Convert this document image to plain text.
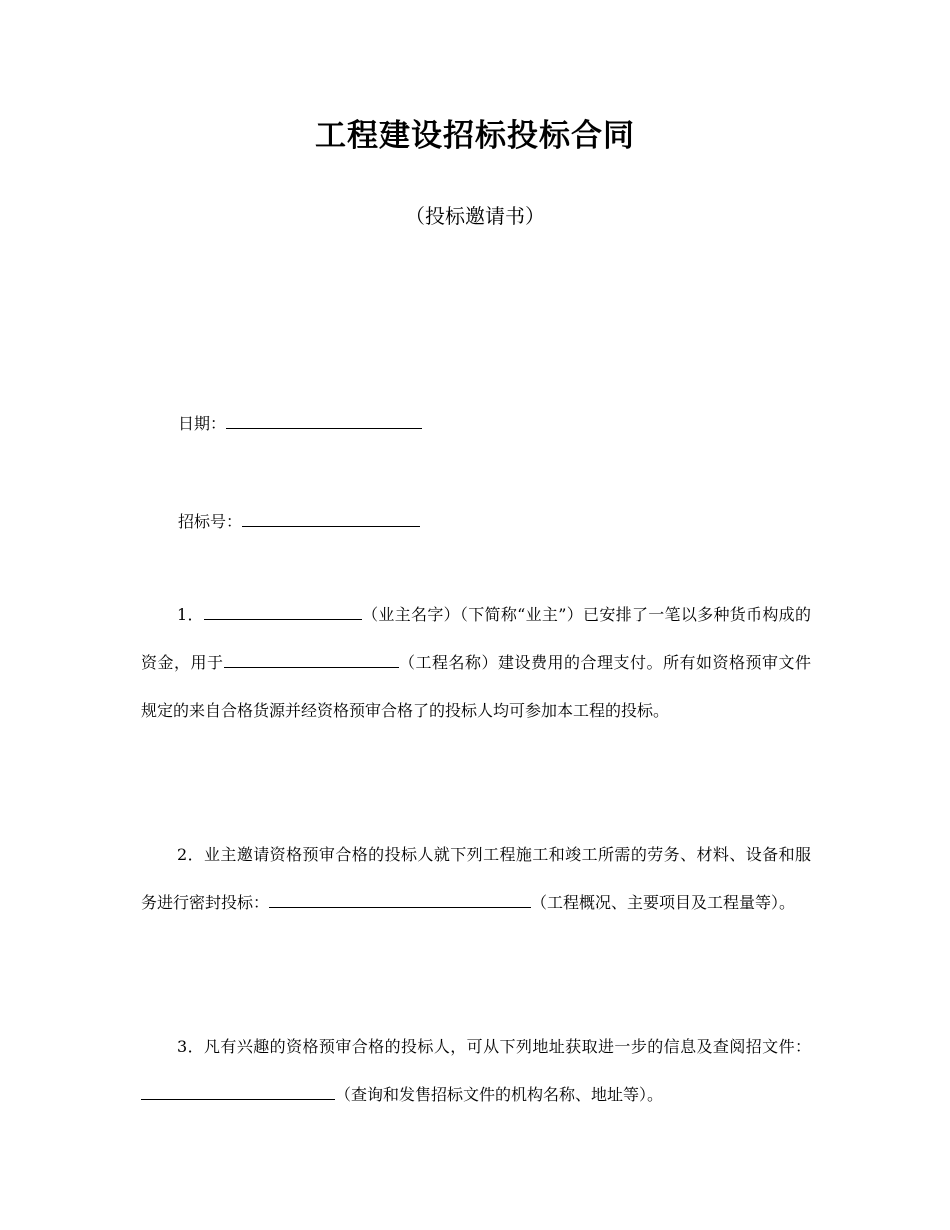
工程建设招标投标合同
（投标邀请书）
日期：
招标号：
1．	（业主名字）（下简称“业主”）已安排了一笔以多种货币构成的资金，用于	（工程名称）建设费用的合理支付。所有如资格预审文件规定的来自合格货源并经资格预审合格了的投标人均可参加本工程的投标。
2．业主邀请资格预审合格的投标人就下列工程施工和竣工所需的劳务、材料、设备和服务进行密封投标：	（工程概况、主要项目及工程量等）。
3．凡有兴趣的资格预审合格的投标人，可从下列地址获取进一步的信息及查阅招文件：（查询和发售招标文件的机构名称、地址等）。
